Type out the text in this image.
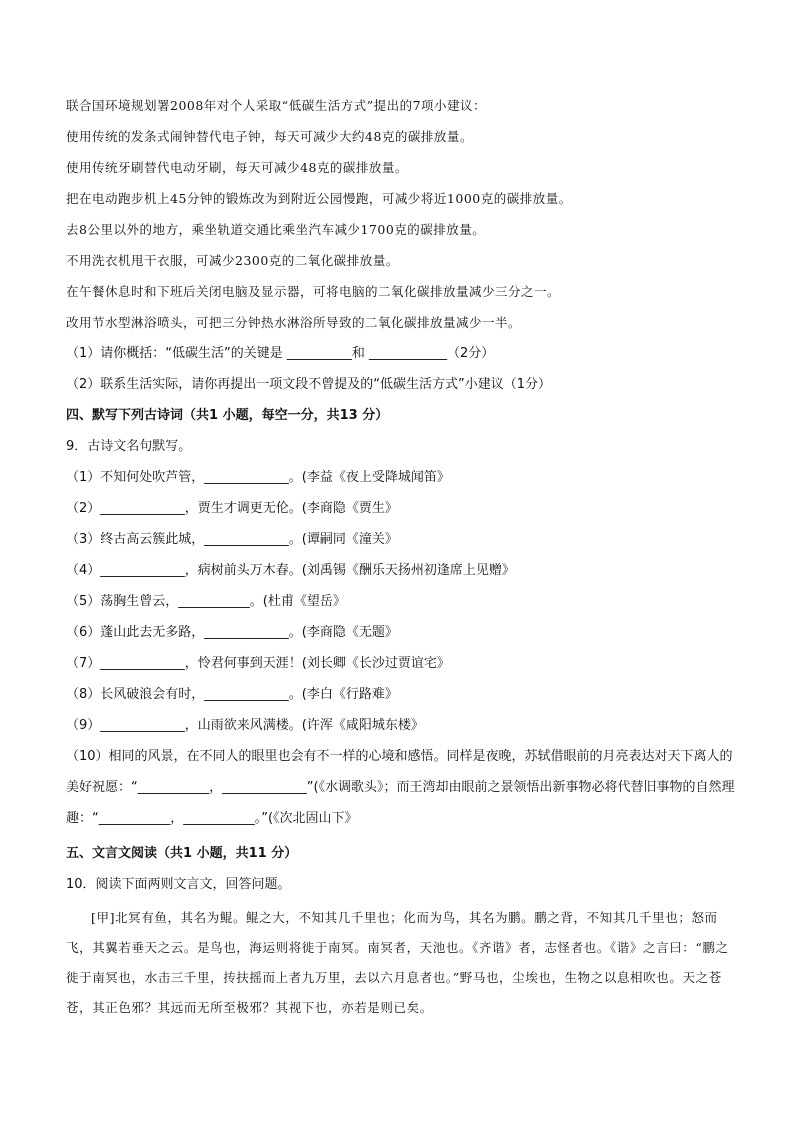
联合国环境规划署2008年对个人采取“低碳生活方式”提出的7项小建议：
使用传统的发条式闹钟替代电子钟，每天可减少大约48克的碳排放量。
使用传统牙刷替代电动牙刷，每天可减少48克的碳排放量。
把在电动跑步机上45分钟的锻炼改为到附近公园慢跑，可减少将近1000克的碳排放量。
去8公里以外的地方，乘坐轨道交通比乘坐汽车减少1700克的碳排放量。
不用洗衣机甩干衣服，可减少2300克的二氧化碳排放量。
在午餐休息时和下班后关闭电脑及显示器，可将电脑的二氧化碳排放量减少三分之一。
改用节水型淋浴喷头，可把三分钟热水淋浴所导致的二氧化碳排放量减少一半。
（1）请你概括：“低碳生活”的关键是 __________和 ____________（2分）
（2）联系生活实际，请你再提出一项文段不曾提及的“低碳生活方式”小建议（1分）
四、默写下列古诗词（共1 小题，每空一分，共13 分）
9．古诗文名句默写。
（1）不知何处吹芦管，_____________。(李益《夜上受降城闻笛》
（2）_____________，贾生才调更无伦。(李商隐《贾生》
（3）终古高云簇此城，_____________。(谭嗣同《潼关》
（4）_____________，病树前头万木春。(刘禹锡《酬乐天扬州初逢席上见赠》
（5）荡胸生曾云，___________。(杜甫《望岳》
（6）蓬山此去无多路，_____________。(李商隐《无题》
（7）_____________，怜君何事到天涯！(刘长卿《长沙过贾谊宅》
（8）长风破浪会有时，_____________。(李白《行路难》
（9）_____________，山雨欲来风满楼。(许浑《咸阳城东楼》
（10）相同的风景，在不同人的眼里也会有不一样的心境和感悟。同样是夜晚，苏轼借眼前的月亮表达对天下离人的美好祝愿：“___________，_____________”(《水调歌头》；而王湾却由眼前之景领悟出新事物必将代替旧事物的自然理趣：“___________，___________。”(《次北固山下》
五、文言文阅读（共1 小题，共11 分）
10．阅读下面两则文言文，回答问题。
[甲]北冥有鱼，其名为鲲。鲲之大，不知其几千里也；化而为鸟，其名为鹏。鹏之背，不知其几千里也；怒而飞，其翼若垂天之云。是鸟也，海运则将徙于南冥。南冥者，天池也。《齐谐》者，志怪者也。《谐》之言曰：“鹏之徙于南冥也，水击三千里，抟扶摇而上者九万里，去以六月息者也。”野马也，尘埃也，生物之以息相吹也。天之苍苍，其正色邪？其远而无所至极邪？其视下也，亦若是则已矣。
